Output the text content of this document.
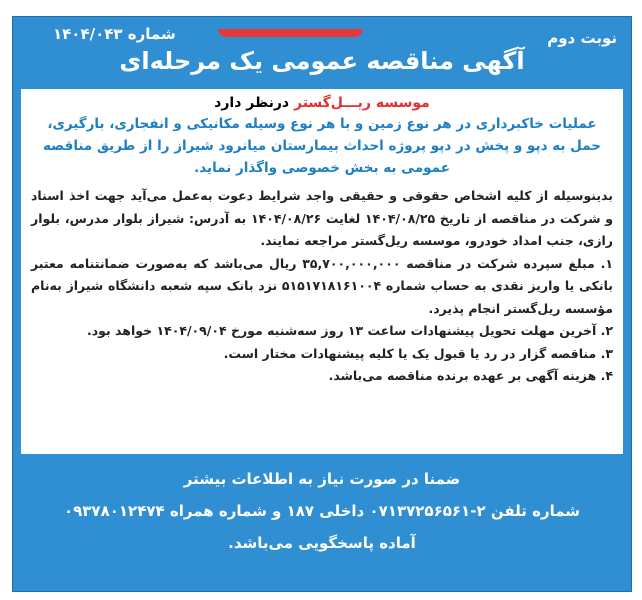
نوبت دوم
شماره ۱۴۰۴/۰۴۳
آگهی مناقصه عمومی یک مرحله‌ای
موسسه ریـــل‌گستر درنظر دارد
عملیات خاکبرداری در هر نوع زمین و با هر نوع وسیله مکانیکی و انفجاری، بارگیری، حمل به دپو و پخش در دپو پروژه احداث بیمارستان میانرود شیراز را از طریق مناقصه عمومی به بخش خصوصی واگذار نماید.

بدینوسیله از کلیه اشخاص حقوقی و حقیقی واجد شرایط دعوت به‌عمل می‌آید جهت اخذ اسناد و شرکت در مناقصه از تاریخ ۱۴۰۴/۰۸/۲۵ لغایت ۱۴۰۴/۰۸/۲۶ به آدرس: شیراز بلوار مدرس، بلوار رازی، جنب امداد خودرو، موسسه ریل‌گستر مراجعه نمایند.

۱. مبلغ سپرده شرکت در مناقصه ۳۵,۷۰۰,۰۰۰,۰۰۰ ریال می‌باشد که به‌صورت ضمانتنامه معتبر بانکی یا واریز نقدی به حساب شماره ۵۱۵۱۷۱۸۱۶۱۰۰۴ نزد بانک سپه شعبه دانشگاه شیراز به‌نام مؤسسه ریل‌گستر انجام پذیرد.

۲. آخرین مهلت تحویل پیشنهادات ساعت ۱۳ روز سه‌شنبه مورخ ۱۴۰۴/۰۹/۰۴ خواهد بود.

۳. مناقصه گزار در رد یا قبول یک یا کلیه پیشنهادات مختار است.

۴. هزینه آگهی بر عهده برنده مناقصه می‌باشد.

ضمنا در صورت نیاز به اطلاعات بیشتر
شماره تلفن ۲-۰۷۱۳۷۲۵۶۵۶۱ داخلی ۱۸۷ و شماره همراه ۰۹۳۷۸۰۱۲۴۷۴
آماده پاسخگویی می‌باشد.
